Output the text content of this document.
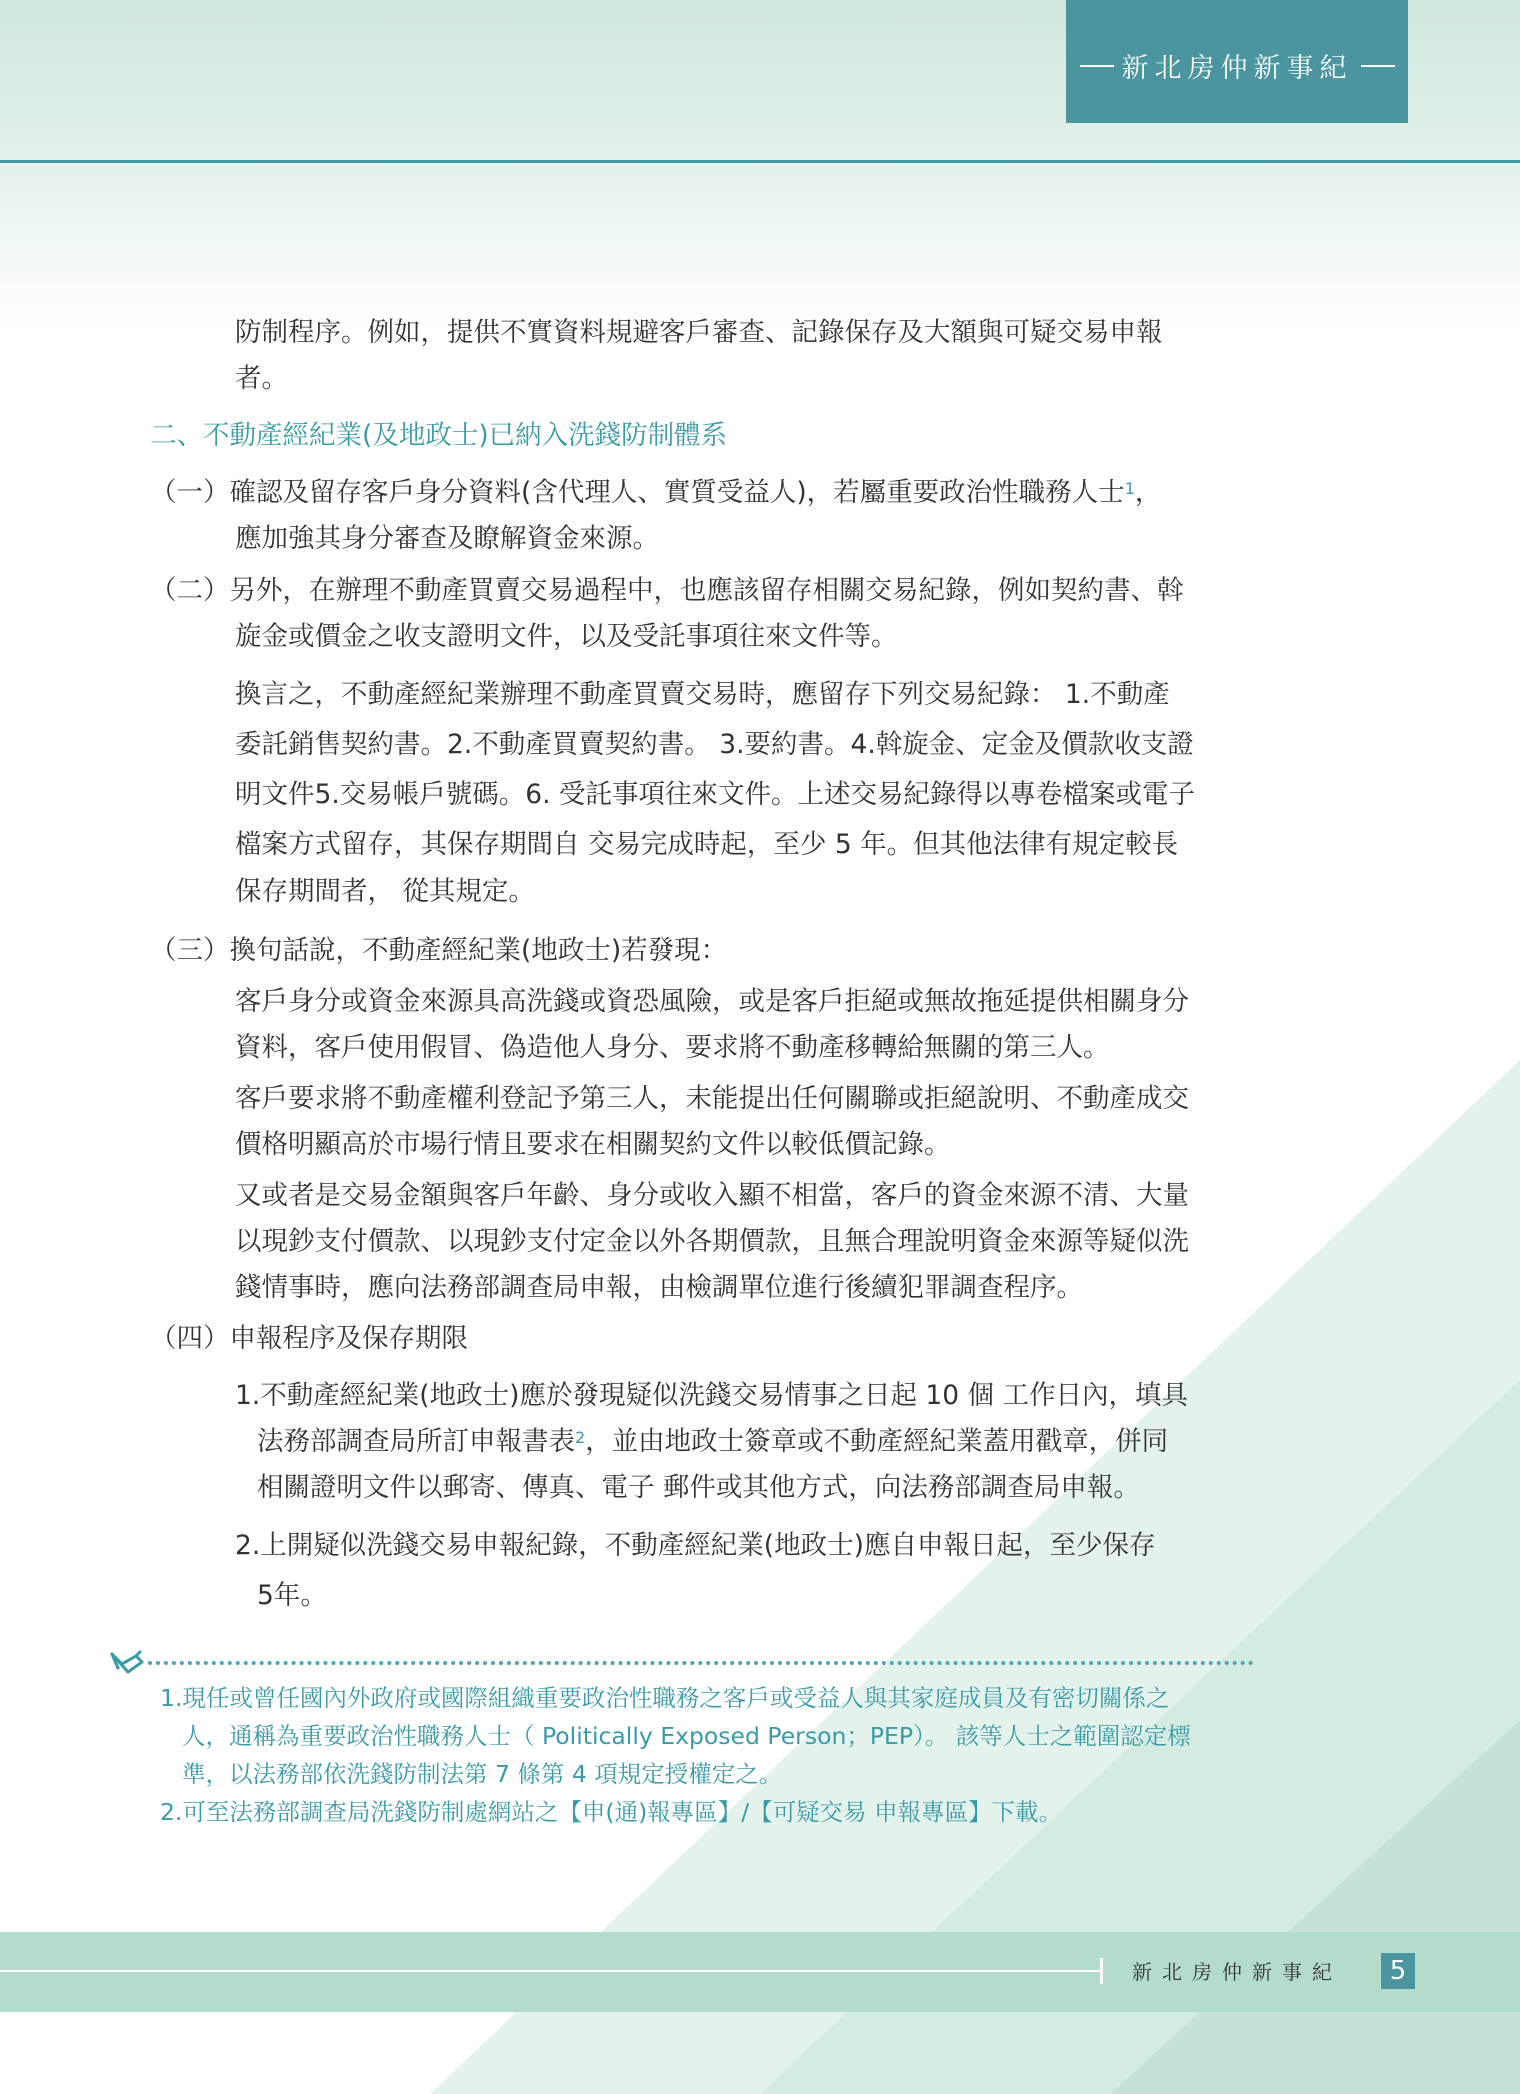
新北房仲新事紀
防制程序。例如，提供不實資料規避客戶審查、記錄保存及大額與可疑交易申報
者。
二、不動產經紀業(及地政士)已納入洗錢防制體系
（一）確認及留存客戶身分資料(含代理人、實質受益人)，若屬重要政治性職務人士$^1$，
應加強其身分審查及瞭解資金來源。
（二）另外，在辦理不動產買賣交易過程中，也應該留存相關交易紀錄，例如契約書、斡
旋金或價金之收支證明文件，以及受託事項往來文件等。
換言之，不動產經紀業辦理不動產買賣交易時，應留存下列交易紀錄： 1.不動產
委託銷售契約書。2.不動產買賣契約書。 3.要約書。4.斡旋金、定金及價款收支證
明文件5.交易帳戶號碼。6. 受託事項往來文件。上述交易紀錄得以專卷檔案或電子
檔案方式留存，其保存期間自 交易完成時起，至少 5 年。但其他法律有規定較長
保存期間者， 從其規定。
（三）換句話說，不動產經紀業(地政士)若發現：
客戶身分或資金來源具高洗錢或資恐風險，或是客戶拒絕或無故拖延提供相關身分
資料，客戶使用假冒、偽造他人身分、要求將不動產移轉給無關的第三人。
客戶要求將不動產權利登記予第三人，未能提出任何關聯或拒絕說明、不動產成交
價格明顯高於市場行情且要求在相關契約文件以較低價記錄。
又或者是交易金額與客戶年齡、身分或收入顯不相當，客戶的資金來源不清、大量
以現鈔支付價款、以現鈔支付定金以外各期價款，且無合理說明資金來源等疑似洗
錢情事時，應向法務部調查局申報，由檢調單位進行後續犯罪調查程序。
（四）申報程序及保存期限
1.不動產經紀業(地政士)應於發現疑似洗錢交易情事之日起 10 個 工作日內，填具
法務部調查局所訂申報書表$^2$，並由地政士簽章或不動產經紀業蓋用戳章，併同
相關證明文件以郵寄、傳真、電子 郵件或其他方式，向法務部調查局申報。
2.上開疑似洗錢交易申報紀錄，不動產經紀業(地政士)應自申報日起，至少保存
5年。
1.現任或曾任國內外政府或國際組織重要政治性職務之客戶或受益人與其家庭成員及有密切關係之
人，通稱為重要政治性職務人士（ Politically Exposed Person；PEP）。 該等人士之範圍認定標
準，以法務部依洗錢防制法第 7 條第 4 項規定授權定之。
2.可至法務部調查局洗錢防制處網站之【申(通)報專區】/【可疑交易 申報專區】下載。
新北房仲新事紀	5
